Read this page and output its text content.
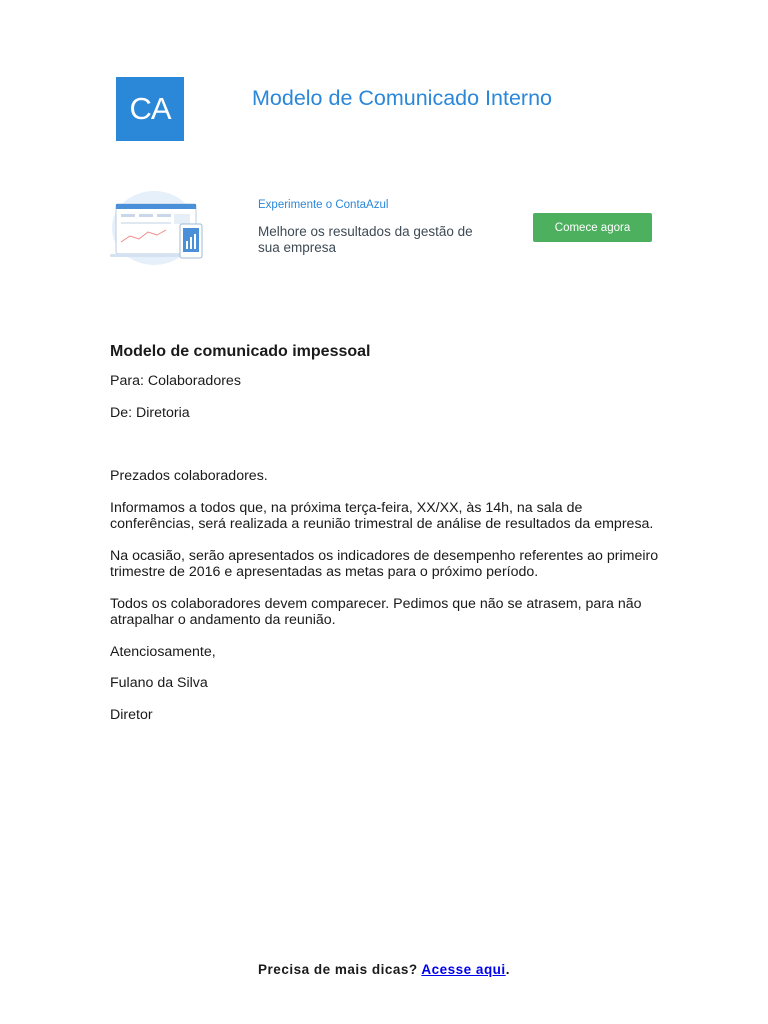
CA	Modelo de Comunicado Interno
Experimente o ContaAzul
Melhore os resultados da gestão de sua empresa
Comece agora
Modelo de comunicado impessoal

Para: Colaboradores

De: Diretoria

Prezados colaboradores.

Informamos a todos que, na próxima terça-feira, XX/XX, às 14h, na sala de conferências, será realizada a reunião trimestral de análise de resultados da empresa.

Na ocasião, serão apresentados os indicadores de desempenho referentes ao primeiro trimestre de 2016 e apresentadas as metas para o próximo período.

Todos os colaboradores devem comparecer. Pedimos que não se atrasem, para não atrapalhar o andamento da reunião.

Atenciosamente,

Fulano da Silva

Diretor

Precisa de mais dicas? Acesse aqui.
